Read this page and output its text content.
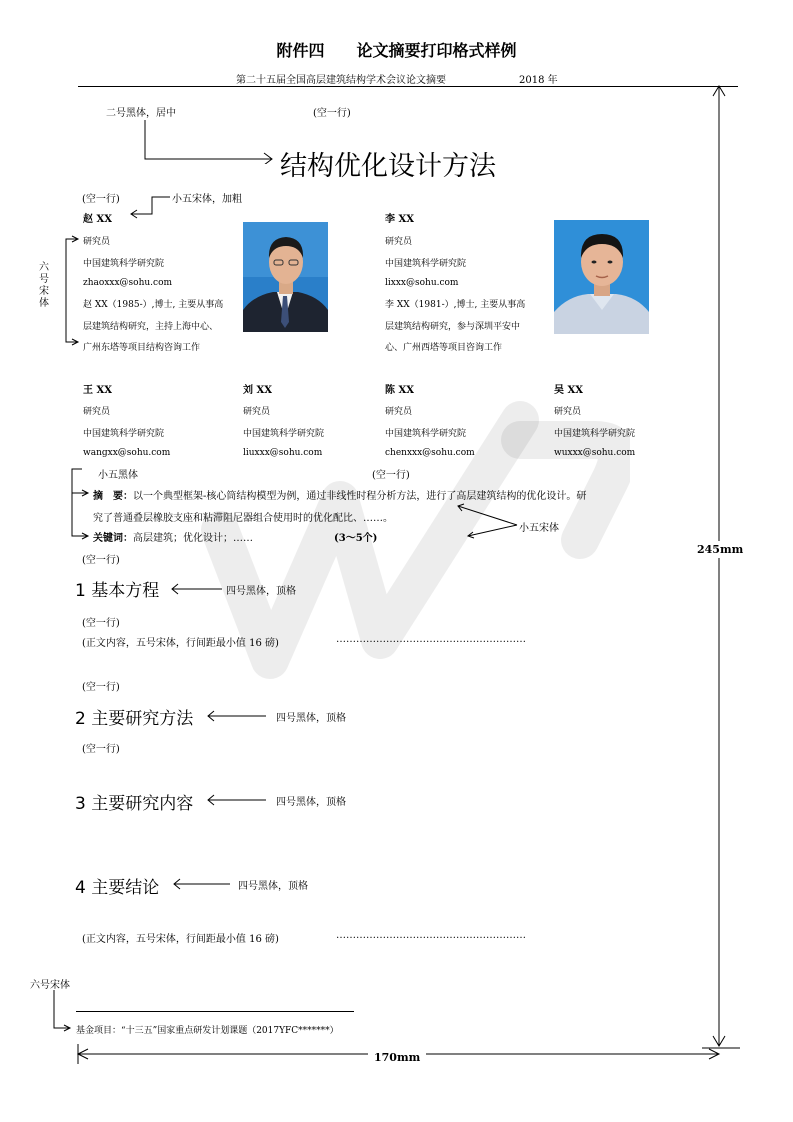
附件四　　论文摘要打印格式样例
第二十五届全国高层建筑结构学术会议论文摘要	2018 年
二号黑体，居中	(空一行)
结构优化设计方法
(空一行)	小五宋体，加粗
六号宋体
赵 XX
研究员
中国建筑科学研究院
zhaoxxx@sohu.com
赵 XX（1985-）,博士, 主要从事高
层建筑结构研究，主持上海中心、
广州东塔等项目结构咨询工作
李 XX
研究员
中国建筑科学研究院
lixxx@sohu.com
李 XX（1981-）,博士, 主要从事高
层建筑结构研究，参与深圳平安中
心、广州西塔等项目咨询工作
王 XX
研究员
中国建筑科学研究院
wangxx@sohu.com
刘 XX
研究员
中国建筑科学研究院
liuxxx@sohu.com
陈 XX
研究员
中国建筑科学研究院
chenxxx@sohu.com
吴 XX
研究员
中国建筑科学研究院
wuxxx@sohu.com
小五黑体	(空一行)
摘　要：以一个典型框架-核心筒结构模型为例，通过非线性时程分析方法，进行了高层建筑结构的优化设计。研
究了普通叠层橡胶支座和粘滞阻尼器组合使用时的优化配比、……。
关键词：高层建筑；优化设计；……	(3～5个)
小五宋体
(空一行)
1 基本方程	四号黑体，顶格
(空一行)
(正文内容，五号宋体，行间距最小值 16 磅)	…………………………………………………
(空一行)
2 主要研究方法	四号黑体，顶格
(空一行)
3 主要研究内容	四号黑体，顶格
4 主要结论	四号黑体，顶格
(正文内容，五号宋体，行间距最小值 16 磅)	…………………………………………………
六号宋体
基金项目：“十三五”国家重点研发计划课题（2017YFC*******）
245mm
170mm
